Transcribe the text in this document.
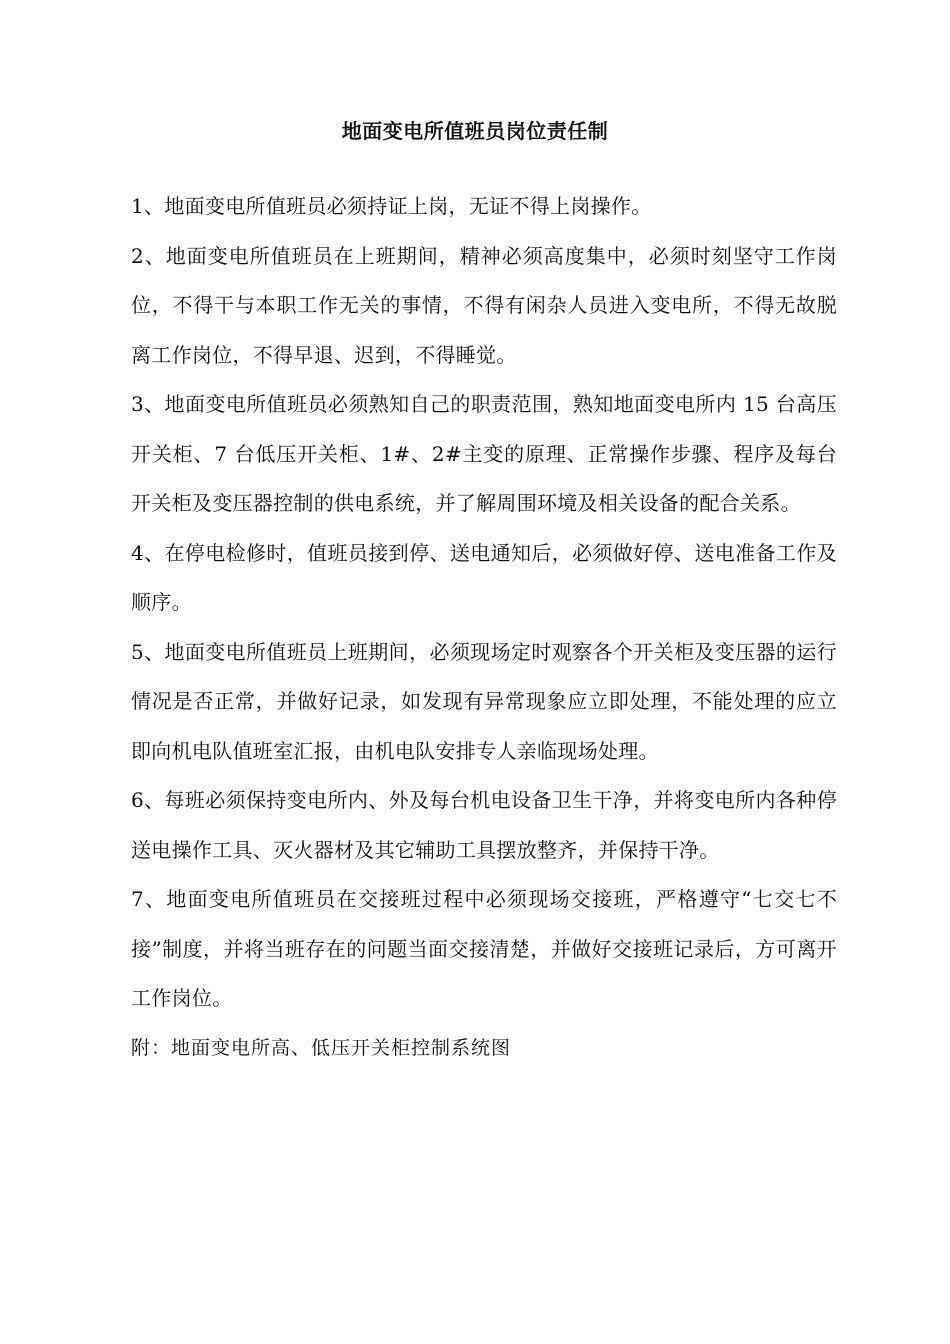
地面变电所值班员岗位责任制

1、地面变电所值班员必须持证上岗，无证不得上岗操作。

2、地面变电所值班员在上班期间，精神必须高度集中，必须时刻坚守工作岗位，不得干与本职工作无关的事情，不得有闲杂人员进入变电所，不得无故脱离工作岗位，不得早退、迟到，不得睡觉。

3、地面变电所值班员必须熟知自己的职责范围，熟知地面变电所内 15 台高压开关柜、7 台低压开关柜、1#、2#主变的原理、正常操作步骤、程序及每台开关柜及变压器控制的供电系统，并了解周围环境及相关设备的配合关系。

4、在停电检修时，值班员接到停、送电通知后，必须做好停、送电准备工作及顺序。

5、地面变电所值班员上班期间，必须现场定时观察各个开关柜及变压器的运行情况是否正常，并做好记录，如发现有异常现象应立即处理，不能处理的应立即向机电队值班室汇报，由机电队安排专人亲临现场处理。

6、每班必须保持变电所内、外及每台机电设备卫生干净，并将变电所内各种停送电操作工具、灭火器材及其它辅助工具摆放整齐，并保持干净。

7、地面变电所值班员在交接班过程中必须现场交接班，严格遵守“七交七不接”制度，并将当班存在的问题当面交接清楚，并做好交接班记录后，方可离开工作岗位。

附：地面变电所高、低压开关柜控制系统图
